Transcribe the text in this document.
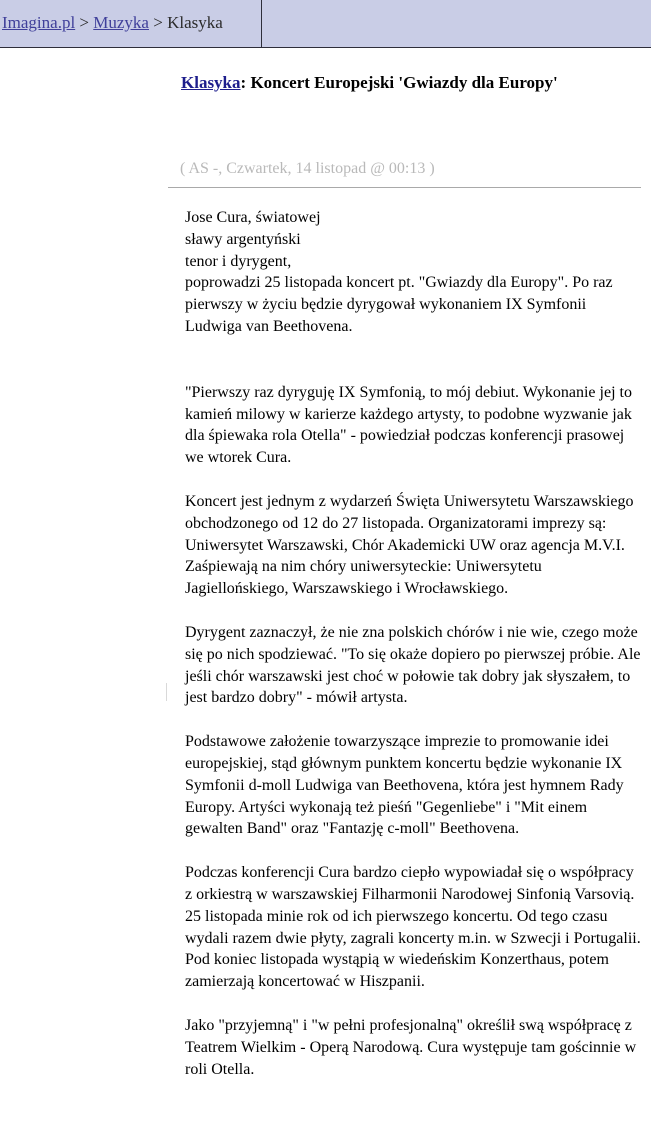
Imagina.pl > Muzyka > Klasyka
Klasyka: Koncert Europejski 'Gwiazdy dla Europy'
( AS -, Czwartek, 14 listopad @ 00:13 )

Jose Cura, światowej
sławy argentyński
tenor i dyrygent,
poprowadzi 25 listopada koncert pt. "Gwiazdy dla Europy". Po raz pierwszy w życiu będzie dyrygował wykonaniem IX Symfonii Ludwiga van Beethovena.

"Pierwszy raz dyryguję IX Symfonią, to mój debiut. Wykonanie jej to kamień milowy w karierze każdego artysty, to podobne wyzwanie jak dla śpiewaka rola Otella" - powiedział podczas konferencji prasowej we wtorek Cura.

Koncert jest jednym z wydarzeń Święta Uniwersytetu Warszawskiego obchodzonego od 12 do 27 listopada. Organizatorami imprezy są: Uniwersytet Warszawski, Chór Akademicki UW oraz agencja M.V.I. Zaśpiewają na nim chóry uniwersyteckie: Uniwersytetu Jagiellońskiego, Warszawskiego i Wrocławskiego.

Dyrygent zaznaczył, że nie zna polskich chórów i nie wie, czego może się po nich spodziewać. "To się okaże dopiero po pierwszej próbie. Ale jeśli chór warszawski jest choć w połowie tak dobry jak słyszałem, to jest bardzo dobry" - mówił artysta.

Podstawowe założenie towarzyszące imprezie to promowanie idei europejskiej, stąd głównym punktem koncertu będzie wykonanie IX Symfonii d-moll Ludwiga van Beethovena, która jest hymnem Rady Europy. Artyści wykonają też pieśń "Gegenliebe" i "Mit einem gewalten Band" oraz "Fantazję c-moll" Beethovena.

Podczas konferencji Cura bardzo ciepło wypowiadał się o współpracy z orkiestrą w warszawskiej Filharmonii Narodowej Sinfonią Varsovią. 25 listopada minie rok od ich pierwszego koncertu. Od tego czasu wydali razem dwie płyty, zagrali koncerty m.in. w Szwecji i Portugalii. Pod koniec listopada wystąpią w wiedeńskim Konzerthaus, potem zamierzają koncertować w Hiszpanii.

Jako "przyjemną" i "w pełni profesjonalną" określił swą współpracę z Teatrem Wielkim - Operą Narodową. Cura występuje tam gościnnie w roli Otella.
